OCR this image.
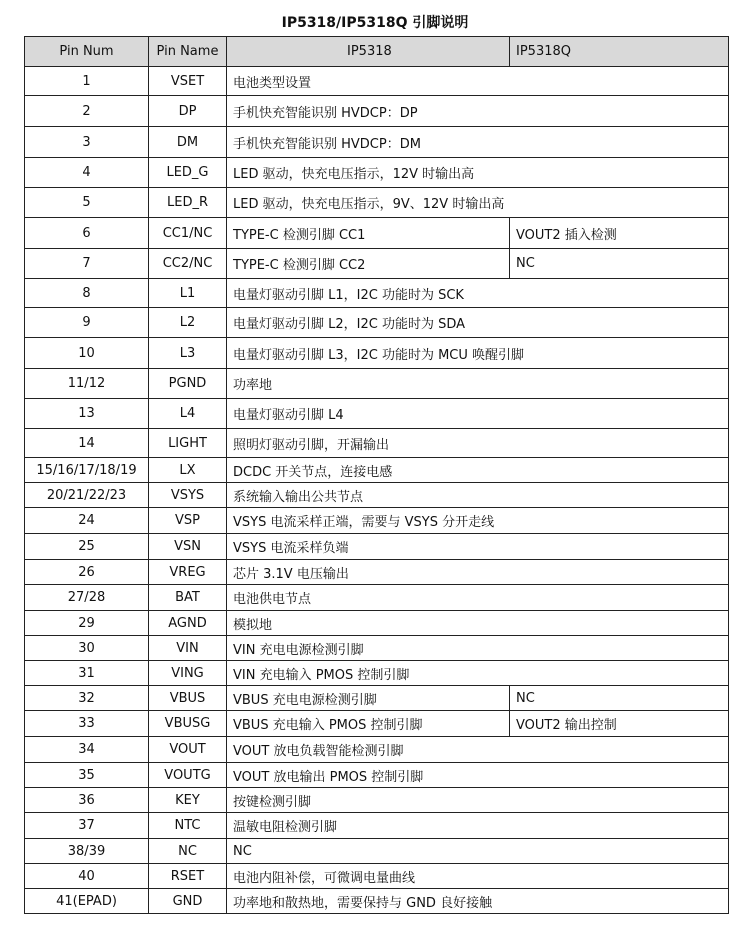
IP5318/IP5318Q 引脚说明
Pin Num	Pin Name	IP5318	IP5318Q
1	VSET	电池类型设置	
2	DP	手机快充智能识别 HVDCP：DP	
3	DM	手机快充智能识别 HVDCP：DM	
4	LED_G	LED 驱动，快充电压指示，12V 时输出高	
5	LED_R	LED 驱动，快充电压指示，9V、12V 时输出高	
6	CC1/NC	TYPE-C 检测引脚 CC1	VOUT2 插入检测
7	CC2/NC	TYPE-C 检测引脚 CC2	NC
8	L1	电量灯驱动引脚 L1，I2C 功能时为 SCK	
9	L2	电量灯驱动引脚 L2，I2C 功能时为 SDA	
10	L3	电量灯驱动引脚 L3，I2C 功能时为 MCU 唤醒引脚	
11/12	PGND	功率地	
13	L4	电量灯驱动引脚 L4	
14	LIGHT	照明灯驱动引脚，开漏输出	
15/16/17/18/19	LX	DCDC 开关节点，连接电感	
20/21/22/23	VSYS	系统输入输出公共节点	
24	VSP	VSYS 电流采样正端，需要与 VSYS 分开走线	
25	VSN	VSYS 电流采样负端	
26	VREG	芯片 3.1V 电压输出	
27/28	BAT	电池供电节点	
29	AGND	模拟地	
30	VIN	VIN 充电电源检测引脚	
31	VING	VIN 充电输入 PMOS 控制引脚	
32	VBUS	VBUS 充电电源检测引脚	NC
33	VBUSG	VBUS 充电输入 PMOS 控制引脚	VOUT2 输出控制
34	VOUT	VOUT 放电负载智能检测引脚	
35	VOUTG	VOUT 放电输出 PMOS 控制引脚	
36	KEY	按键检测引脚	
37	NTC	温敏电阻检测引脚	
38/39	NC	NC	
40	RSET	电池内阻补偿，可微调电量曲线	
41(EPAD)	GND	功率地和散热地，需要保持与 GND 良好接触	
